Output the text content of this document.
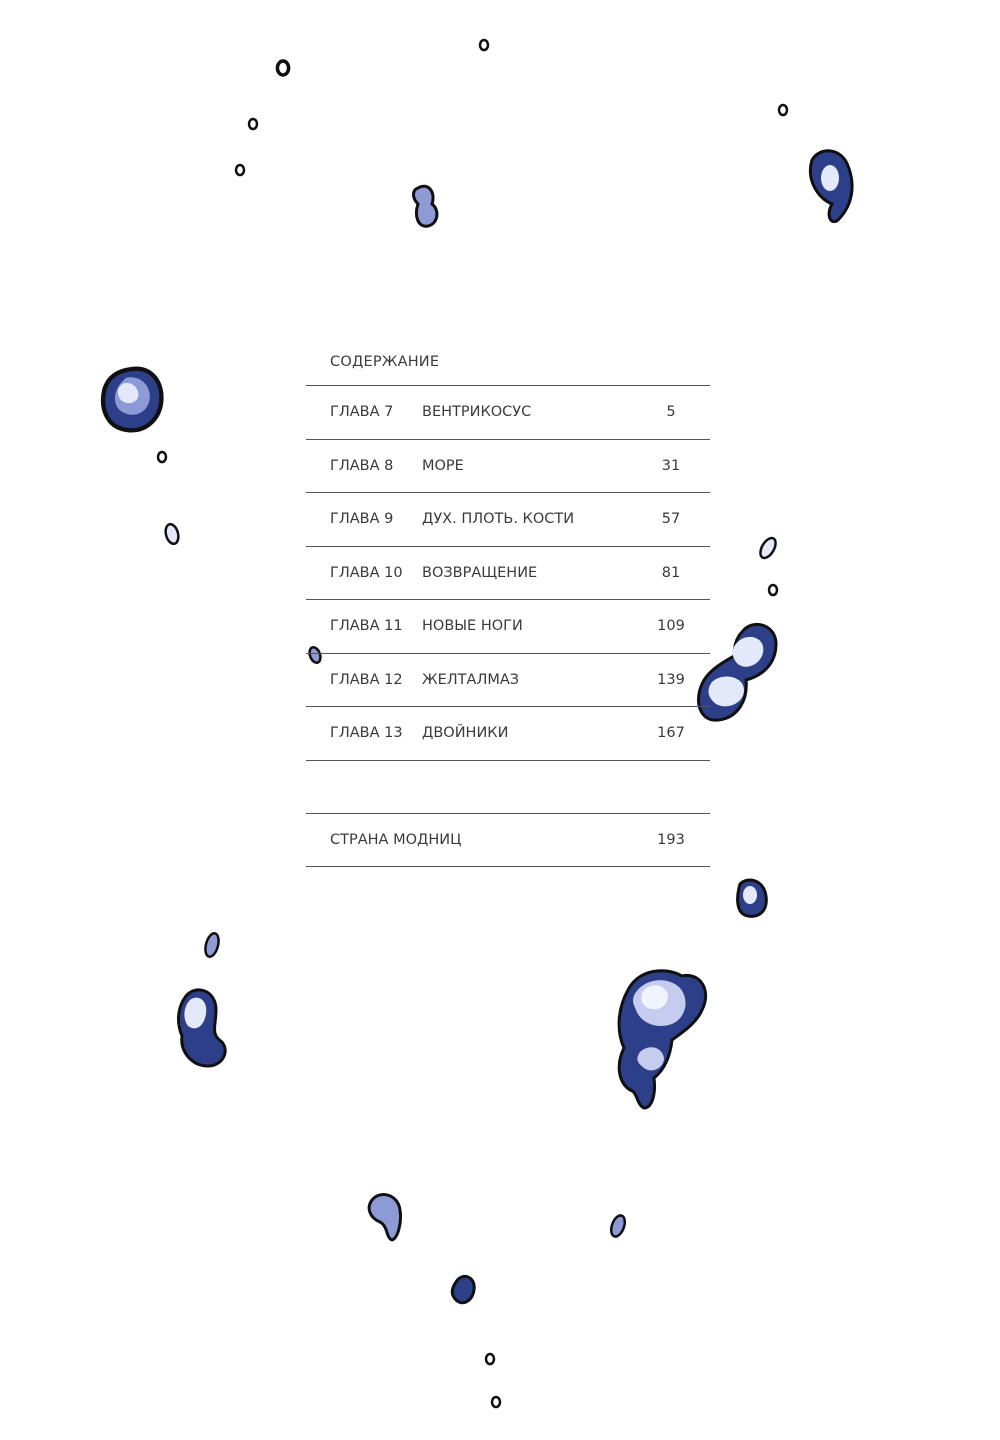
СОДЕРЖАНИЕ
ГЛАВА 7	ВЕНТРИКОСУС	5
ГЛАВА 8	МОРЕ	31
ГЛАВА 9	ДУХ. ПЛОТЬ. КОСТИ	57
ГЛАВА 10	ВОЗВРАЩЕНИЕ	81
ГЛАВА 11	НОВЫЕ НОГИ	109
ГЛАВА 12	ЖЕЛТАЛМАЗ	139
ГЛАВА 13	ДВОЙНИКИ	167
СТРАНА МОДНИЦ	193
